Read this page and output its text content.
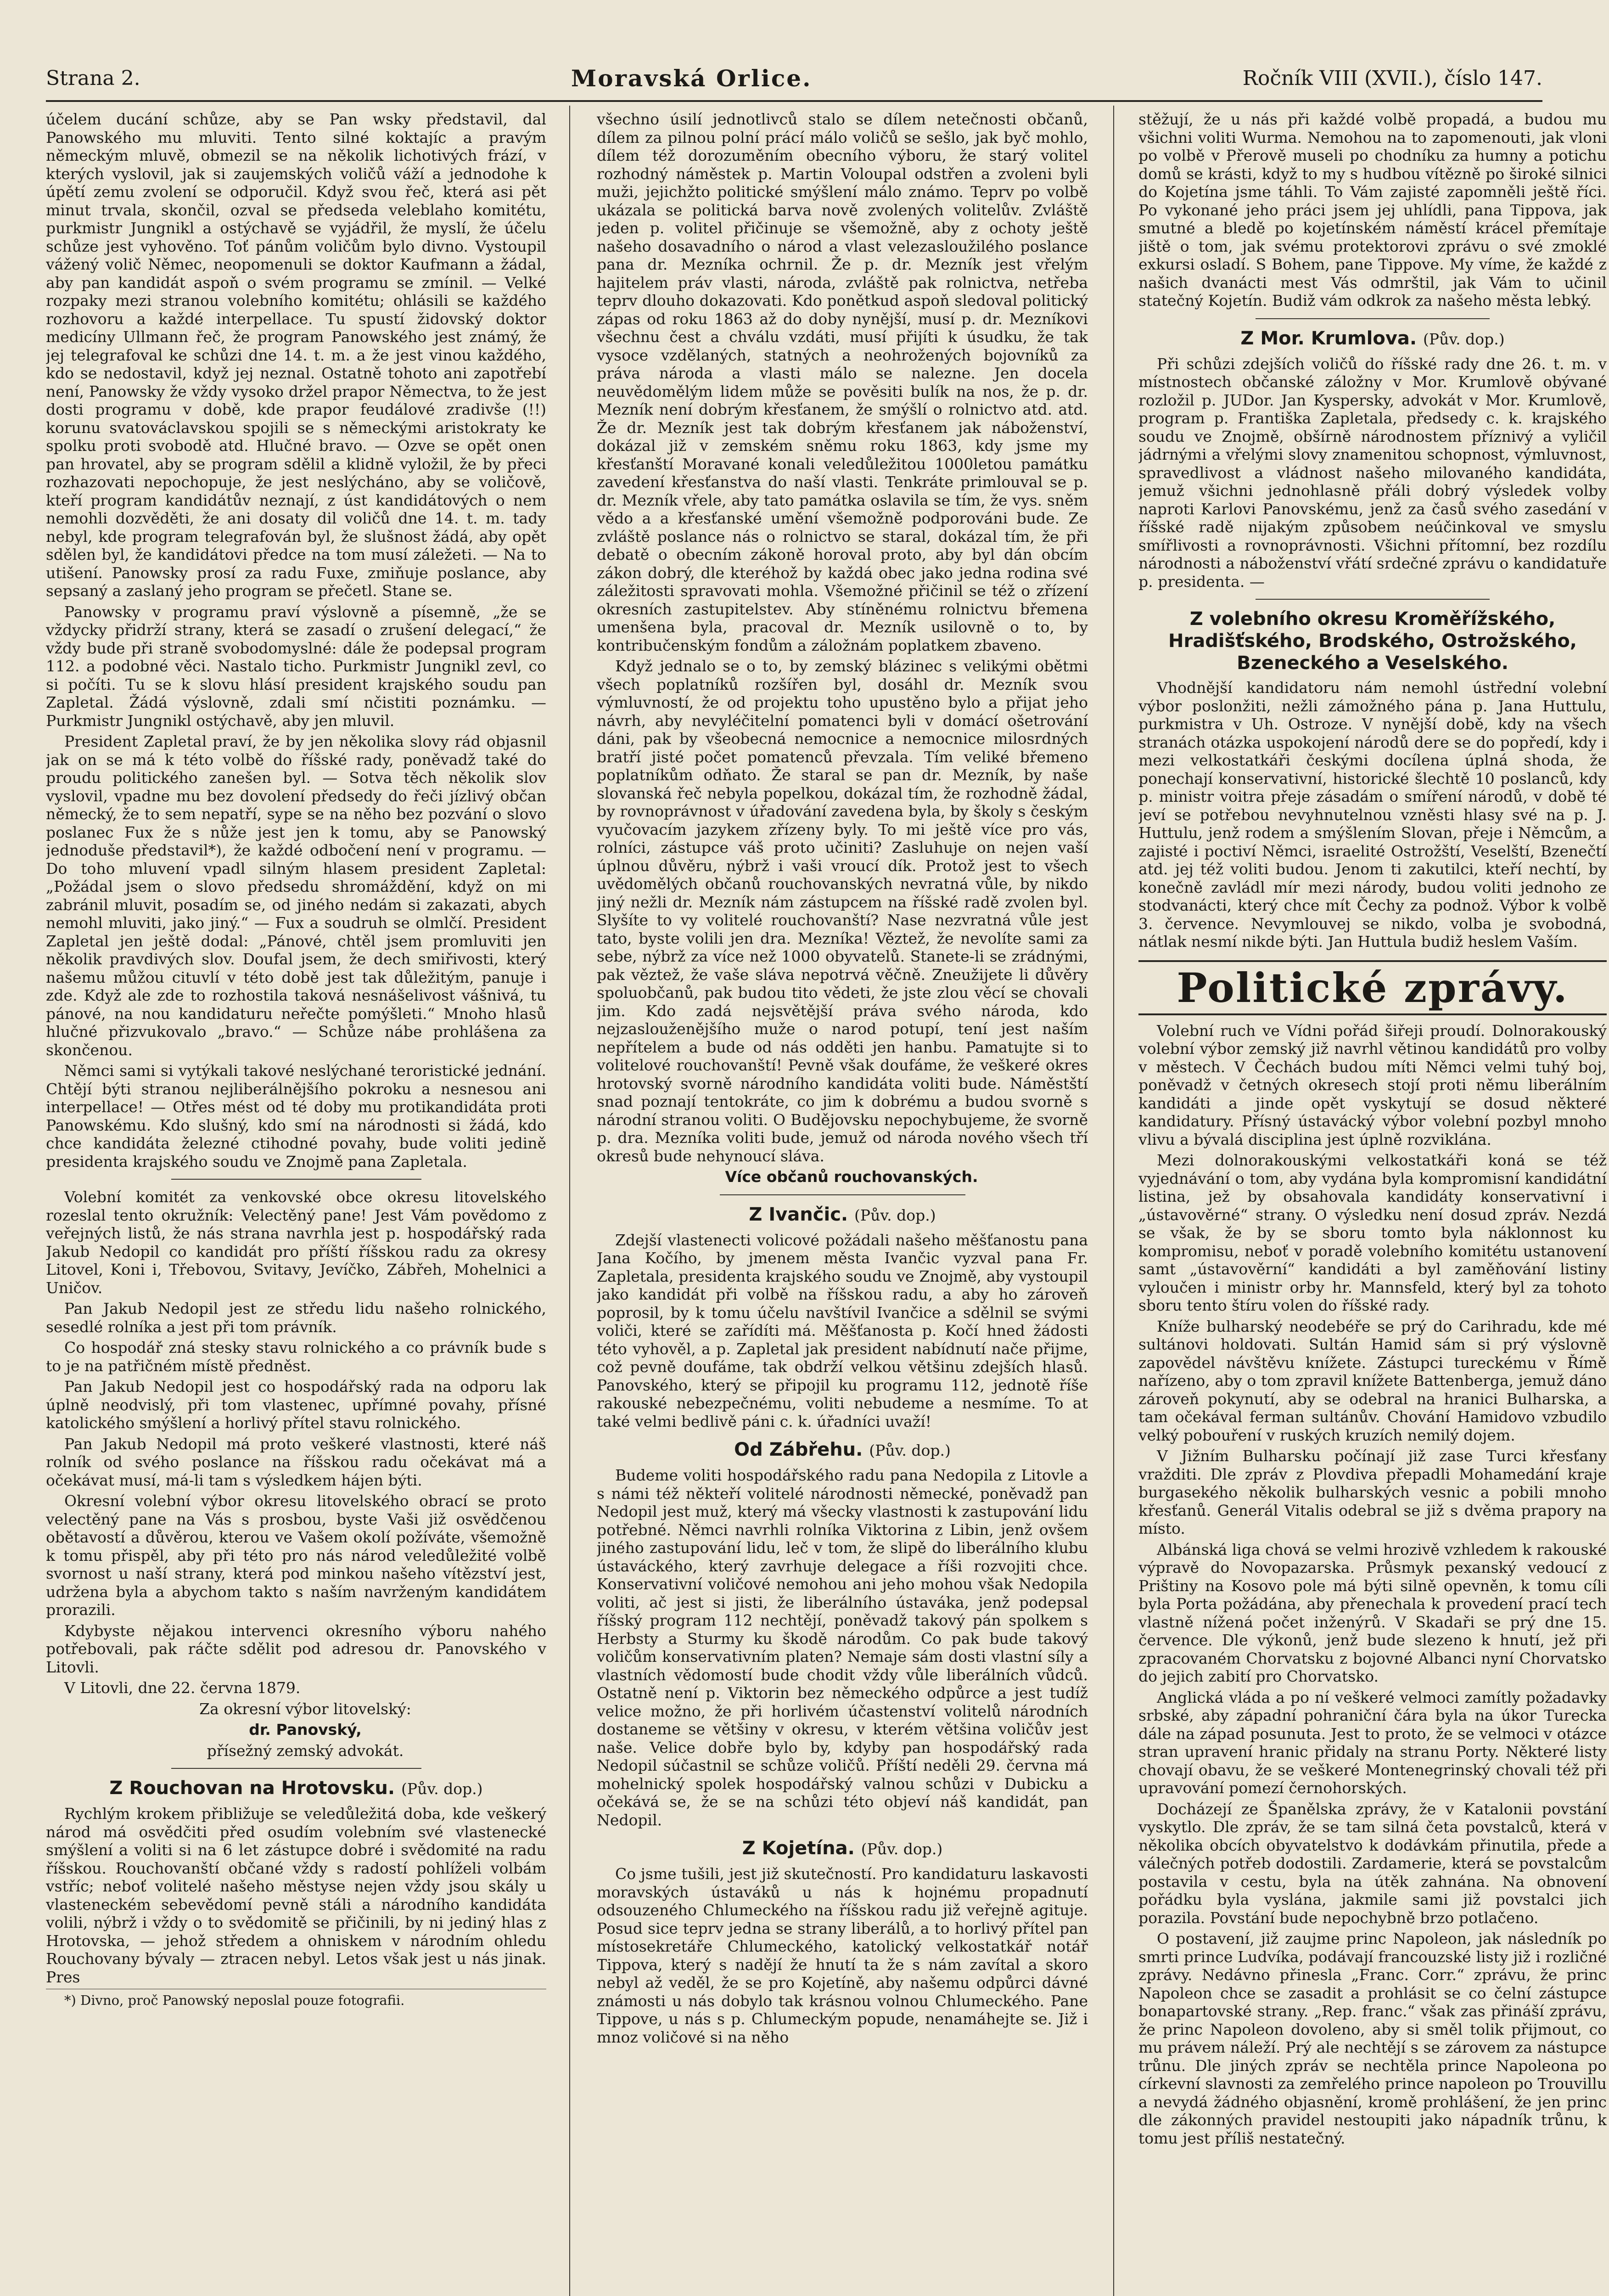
Strana 2.	Moravská Orlice.	Ročník VIII (XVII.), číslo 147.

účelem ducání schůze, aby se Pan wsky představil, dal Panowského mu mluviti. Tento silné koktajíc a pravým německým mluvě, obmezil se na několik lichotivých frází, v kterých vyslovil, jak si zaujemských voličů váží a jednodohe k úpětí zemu zvolení se odporučil. Když svou řeč, která asi pět minut trvala, skončil, ozval se předseda veleblaho komitétu, purkmistr Jungnikl a ostýchavě se vyjádřil, že myslí, že účelu schůze jest vyhověno. Toť pánům voličům bylo divno. Vystoupil vážený volič Němec, neopomenuli se doktor Kaufmann a žádal, aby pan kandidát aspoň o svém programu se zmínil. — Velké rozpaky mezi stranou volebního komitétu; ohlásili se každého rozhovoru a každé interpellace. Tu spustí židovský doktor medicíny Ullmann řeč, že program Panowského jest známý, že jej telegrafoval ke schůzi dne 14. t. m. a že jest vinou každého, kdo se nedostavil, když jej neznal. Ostatně tohoto ani zapotřebí není, Panowsky že vždy vysoko držel prapor Němectva, to že jest dosti programu v době, kde prapor feudálové zradivše (!!) korunu svatováclavskou spojili se s německými aristokraty ke spolku proti svobodě atd. Hlučné bravo. — Ozve se opět onen pan hrovatel, aby se program sdělil a klidně vyložil, že by přeci rozhazovati nepochopuje, že jest neslýcháno, aby se voličově, kteří program kandidátův neznají, z úst kandidátových o nem nemohli dozvěděti, že ani dosaty dil voličů dne 14. t. m. tady nebyl, kde program telegrafován byl, že slušnost žádá, aby opět sdělen byl, že kandidátovi předce na tom musí záležeti. — Na to utišení. Panowsky prosí za radu Fuxe, zmiňuje poslance, aby sepsaný a zaslaný jeho program se přečetl. Stane se.

Panowsky v programu praví výslovně a písemně, „že se vždycky přidrží strany, která se zasadí o zrušení delegací,“ že vždy bude při straně svobodomyslné: dále že podepsal program 112. a podobné věci. Nastalo ticho. Purkmistr Jungnikl zevl, co si počíti. Tu se k slovu hlásí president krajského soudu pan Zapletal. Žádá výslovně, zdali smí nčistiti poznámku. — Purkmistr Jungnikl ostýchavě, aby jen mluvil.

President Zapletal praví, že by jen několika slovy rád objasnil jak on se má k této volbě do říšské rady, poněvadž také do proudu politického zanešen byl. — Sotva těch několik slov vyslovil, vpadne mu bez dovolení předsedy do řeči jízlivý občan německý, že to sem nepatří, sype se na něho bez pozvání o slovo poslanec Fux že s nůže jest jen k tomu, aby se Panowský jednoduše představil*), že každé odbočení není v programu. — Do toho mluvení vpadl silným hlasem president Zapletal: „Požádal jsem o slovo předsedu shromáždění, když on mi zabránil mluvit, posadím se, od jiného nedám si zakazati, abych nemohl mluviti, jako jiný.“ — Fux a soudruh se olmlčí. President Zapletal jen ještě dodal: „Pánové, chtěl jsem promluviti jen několik pravdivých slov. Doufal jsem, že dech smiřivosti, který našemu můžou cituvlí v této době jest tak důležitým, panuje i zde. Když ale zde to rozhostila taková nesnášelivost vášnivá, tu pánové, na nou kandidaturu neřečte pomýšleti.“ Mnoho hlasů hlučné přizvukovalo „bravo.“ — Schůze nábe prohlášena za skončenou.

Němci sami si vytýkali takové neslýchané teroristické jednání. Chtějí býti stranou nejliberálnějšího pokroku a nesnesou ani interpellace! — Otřes mést od té doby mu protikandidáta proti Panowskému. Kdo slušný, kdo smí na národnosti si žádá, kdo chce kandidáta železné ctihodné povahy, bude voliti jedině presidenta krajského soudu ve Znojmě pana Zapletala.

Volební komitét za venkovské obce okresu litovelského rozeslal tento okružník: Velectěný pane! Jest Vám povědomo z veřejných listů, že nás strana navrhla jest p. hospodářský rada Jakub Nedopil co kandidát pro příští říšskou radu za okresy Litovel, Koni i, Třebovou, Svitavy, Jevíčko, Zábřeh, Mohelnici a Uničov.

Pan Jakub Nedopil jest ze středu lidu našeho rolnického, sesedlé rolníka a jest při tom právník.

Co hospodář zná stesky stavu rolnického a co právník bude s to je na patřičném místě předněst.

Pan Jakub Nedopil jest co hospodářský rada na odporu lak úplně neodvislý, při tom vlastenec, upřímné povahy, přísné katolického smýšlení a horlivý přítel stavu rolnického.

Pan Jakub Nedopil má proto veškeré vlastnosti, které náš rolník od svého poslance na říšskou radu očekávat má a očekávat musí, má-li tam s výsledkem hájen býti.

Okresní volební výbor okresu litovelského obrací se proto velectěný pane na Vás s prosbou, byste Vaši již osvědčenou obětavostí a důvěrou, kterou ve Vašem okolí požíváte, všemožně k tomu přispěl, aby při této pro nás národ veledůležité volbě svornost u naší strany, která pod minkou našeho vítězství jest, udržena byla a abychom takto s naším navrženým kandidátem prorazili.

Kdybyste nějakou intervenci okresního výboru nahého potřebovali, pak ráčte sdělit pod adresou dr. Panovského v Litovli.

V Litovli, dne 22. června 1879.

Za okresní výbor litovelský:

dr. Panovský,

přísežný zemský advokát.

Z Rouchovan na Hrotovsku. (Pův. dop.)

Rychlým krokem přibližuje se veledůležitá doba, kde veškerý národ má osvědčiti před osudím volebním své vlastenecké smýšlení a voliti si na 6 let zástupce dobré i svědomité na radu říšskou. Rouchovanští občané vždy s radostí pohlíželi volbám vstříc; neboť volitelé našeho městyse nejen vždy jsou skály u vlasteneckém sebevědomí pevně stáli a národního kandidáta volili, nýbrž i vždy o to svědomitě se přičinili, by ni jediný hlas z Hrotovska, — jehož středem a ohniskem v národním ohledu Rouchovany bývaly — ztracen nebyl. Letos však jest u nás jinak. Pres

*) Divno, proč Panowský neposlal pouze fotografii.

všechno úsilí jednotlivců stalo se dílem netečnosti občanů, dílem za pilnou polní prácí málo voličů se sešlo, jak byč mohlo, dílem též dorozuměním obecního výboru, že starý volitel rozhodný náměstek p. Martin Voloupal odstřen a zvoleni byli muži, jejichžto politické smýšlení málo známo. Teprv po volbě ukázala se politická barva nově zvolených volitelův. Zvláště jeden p. volitel přičinuje se všemožně, aby z ochoty ještě našeho dosavadního o národ a vlast velezasloužilého poslance pana dr. Mezníka ochrnil. Že p. dr. Mezník jest vřelým hajitelem práv vlasti, národa, zvláště pak rolnictva, netřeba teprv dlouho dokazovati. Kdo ponětkud aspoň sledoval politický zápas od roku 1863 až do doby nynější, musí p. dr. Mezníkovi všechnu čest a chválu vzdáti, musí přijíti k úsudku, že tak vysoce vzdělaných, statných a neohrožených bojovníků za práva národa a vlasti málo se nalezne. Jen docela neuvědomělým lidem může se pověsiti bulík na nos, že p. dr. Mezník není dobrým křesťanem, že smýšlí o rolnictvo atd. atd. Že dr. Mezník jest tak dobrým křesťanem jak náboženství, dokázal již v zemském sněmu roku 1863, kdy jsme my křesťanští Moravané konali veledůležitou 1000letou památku zavedení křesťanstva do naší vlasti. Tenkráte primlouval se p. dr. Mezník vřele, aby tato památka oslavila se tím, že vys. sněm vědo a a křesťanské umění všemožně podporováni bude. Ze zvláště poslance nás o rolnictvo se staral, dokázal tím, že při debatě o obecním zákoně horoval proto, aby byl dán obcím zákon dobrý, dle kteréhož by každá obec jako jedna rodina své záležitosti spravovati mohla. Všemožné přičinil se též o zřízení okresních zastupitelstev. Aby stíněnému rolnictvu břemena umenšena byla, pracoval dr. Mezník usilovně o to, by kontribučenským fondům a záložnám poplatkem zbaveno.

Když jednalo se o to, by zemský blázinec s velikými obětmi všech poplatníků rozšířen byl, dosáhl dr. Mezník svou výmluvností, že od projektu toho upustěno bylo a přijat jeho návrh, aby nevyléčitelní pomatenci byli v domácí ošetrování dáni, pak by všeobecná nemocnice a nemocnice milosrdných bratří jisté počet pomatenců převzala. Tím veliké břemeno poplatníkům odňato. Že staral se pan dr. Mezník, by naše slovanská řeč nebyla popelkou, dokázal tím, že rozhodně žádal, by rovnoprávnost v úřadování zavedena byla, by školy s českým vyučovacím jazykem zřízeny byly. To mi ještě více pro vás, rolníci, zástupce váš proto učiniti? Zasluhuje on nejen vaší úplnou důvěru, nýbrž i vaši vroucí dík. Protož jest to všech uvědomělých občanů rouchovanských nevratná vůle, by nikdo jiný nežli dr. Mezník nám zástupcem na říšské radě zvolen byl. Slyšíte to vy volitelé rouchovanští? Nase nezvratná vůle jest tato, byste volili jen dra. Mezníka! Věztež, že nevolíte sami za sebe, nýbrž za více než 1000 obyvatelů. Stanete-li se zrádnými, pak věztež, že vaše sláva nepotrvá věčně. Zneužijete li důvěry spoluobčanů, pak budou tito vědeti, že jste zlou věcí se chovali jim. Kdo zadá nejsvětější práva svého národa, kdo nejzaslouženějšího muže o narod potupí, tení jest naším nepřítelem a bude od nás odděti jen hanbu. Pamatujte si to volitelové rouchovanští! Pevně však doufáme, že veškeré okres hrotovský svorně národního kandidáta voliti bude. Náměstští snad poznají tentokráte, co jim k dobrému a budou svorně s národní stranou voliti. O Budějovsku nepochybujeme, že svorně p. dra. Mezníka voliti bude, jemuž od národa nového všech tří okresů bude nehynoucí sláva.

Více občanů rouchovanských.

Z Ivančic. (Pův. dop.)

Zdejší vlastenecti volicové požádali našeho měšťanostu pana Jana Kočího, by jmenem města Ivančic vyzval pana Fr. Zapletala, presidenta krajského soudu ve Znojmě, aby vystoupil jako kandidát při volbě na říšskou radu, a aby ho zároveň poprosil, by k tomu účelu navštívil Ivančice a sdělnil se svými voliči, které se zařídíti má. Měšťanosta p. Kočí hned žádosti této vyhověl, a p. Zapletal jak president nabídnutí nače přijme, což pevně doufáme, tak obdrží velkou většinu zdejších hlasů. Panovského, který se připojil ku programu 112, jednotě říše rakouské nebezpečnému, voliti nebudeme a nesmíme. To at také velmi bedlivě páni c. k. úřadníci uvaží!

Od Zábřehu. (Pův. dop.)

Budeme voliti hospodářského radu pana Nedopila z Litovle a s námi též někteří volitelé národnosti německé, poněvadž pan Nedopil jest muž, který má všecky vlastnosti k zastupování lidu potřebné. Němci navrhli rolníka Viktorina z Libin, jenž ovšem jiného zastupování lidu, leč v tom, že slipě do liberálního klubu ústaváckého, který zavrhuje delegace a říši rozvojiti chce. Konservativní voličové nemohou ani jeho mohou však Nedopila voliti, ač jest si jisti, že liberálního ústaváka, jenž podepsal říšský program 112 nechtějí, poněvadž takový pán spolkem s Herbsty a Sturmy ku škodě národům. Co pak bude takový voličům konservativním platen? Nemaje sám dosti vlastní síly a vlastních vědomostí bude chodit vždy vůle liberálních vůdců. Ostatně není p. Viktorin bez německého odpůrce a jest tudíž velice možno, že při horlivém účastenství volitelů národních dostaneme se většiny v okresu, v kterém většina voličův jest naše. Velice dobře bylo by, kdyby pan hospodářský rada Nedopil súčastnil se schůze voličů. Příští neděli 29. června má mohelnický spolek hospodářský valnou schůzi v Dubicku a očekává se, že se na schůzi této objeví náš kandidát, pan Nedopil.

Z Kojetína. (Pův. dop.)

Co jsme tušili, jest již skutečností. Pro kandidaturu laskavosti moravských ústaváků u nás k hojnému propadnutí odsouzeného Chlumeckého na říšskou radu již veřejně agituje. Posud sice teprv jedna se strany liberálů, a to horlivý přítel pan místosekretáře Chlumeckého, katolický velkostatkář notář Tippova, který s nadějí že hnutí ta že s nám zavítal a skoro nebyl až veděl, že se pro Kojetíně, aby našemu odpůrci dávné známosti u nás dobylo tak krásnou volnou Chlumeckého. Pane Tippove, u nás s p. Chlumeckým popude, nenamáhejte se. Již i mnoz voličové si na něho

stěžují, že u nás při každé volbě propadá, a budou mu všichni voliti Wurma. Nemohou na to zapomenouti, jak vloni po volbě v Přerově museli po chodníku za humny a potichu domů se krásti, když to my s hudbou vítězně po široké silnici do Kojetína jsme táhli. To Vám zajisté zapomněli ještě říci. Po vykonané jeho práci jsem jej uhlídli, pana Tippova, jak smutné a bledě po kojetínském náměstí krácel přemítaje jiště o tom, jak svému protektorovi zprávu o své zmoklé exkursi osladí. S Bohem, pane Tippove. My víme, že každé z našich dvanácti mest Vás odmrštil, jak Vám to učinil statečný Kojetín. Budiž vám odkrok za našeho města lebký.

Z Mor. Krumlova. (Pův. dop.)

Při schůzi zdejších voličů do říšské rady dne 26. t. m. v místnostech občanské záložny v Mor. Krumlově obývané rozložil p. JUDor. Jan Kyspersky, advokát v Mor. Krumlově, program p. Františka Zapletala, předsedy c. k. krajského soudu ve Znojmě, obšírně národnostem příznivý a vyličil jádrnými a vřelými slovy znamenitou schopnost, výmluvnost, spravedlivost a vládnost našeho milovaného kandidáta, jemuž všichni jednohlasně přáli dobrý výsledek volby naproti Karlovi Panovskému, jenž za časů svého zasedání v říšské radě nijakým způsobem neúčinkoval ve smyslu smířlivosti a rovnoprávnosti. Všichni přítomní, bez rozdílu národnosti a náboženství vřátí srdečné zprávu o kandidatuře p. presidenta. —

Z volebního okresu Kroměřížského, Hradišťského, Brodského, Ostrožského, Bzeneckého a Veselského.

Vhodnější kandidatoru nám nemohl ústřední volební výbor poslonžiti, nežli zámožného pána p. Jana Huttulu, purkmistra v Uh. Ostroze. V nynější době, kdy na všech stranách otázka uspokojení národů dere se do popředí, kdy i mezi velkostatkáři českými docílena úplná shoda, že ponechají konservativní, historické šlechtě 10 poslanců, kdy p. ministr voitra přeje zásadám o smíření národů, v době té jeví se potřebou nevyhnutelnou vzněsti hlasy své na p. J. Huttulu, jenž rodem a smýšlením Slovan, přeje i Němcům, a zajisté i poctiví Němci, israelité Ostrožští, Veselští, Bzenečtí atd. jej též voliti budou. Jenom ti zakutilci, kteří nechtí, by konečně zavládl mír mezi národy, budou voliti jednoho ze stodvanácti, který chce mít Čechy za podnož. Výbor k volbě 3. července. Nevymlouvej se nikdo, volba je svobodná, nátlak nesmí nikde býti. Jan Huttula budiž heslem Vaším.

Politické zprávy.

Volební ruch ve Vídni pořád šiřeji proudí. Dolnorakouský volební výbor zemský již navrhl větinou kandidátů pro volby v městech. V Čechách budou míti Němci velmi tuhý boj, poněvadž v četných okresech stojí proti němu liberálním kandidáti a jinde opět vyskytují se dosud některé kandidatury. Přísný ústavácký výbor volební pozbyl mnoho vlivu a bývalá disciplina jest úplně rozviklána.

Mezi dolnorakouskými velkostatkáři koná se též vyjednávání o tom, aby vydána byla kompromisní kandidátní listina, jež by obsahovala kandidáty konservativní i „ústavověrné“ strany. O výsledku není dosud zpráv. Nezdá se však, že by se sboru tomto byla náklonnost ku kompromisu, neboť v poradě volebního komitétu ustanovení samt „ústavověrní“ kandidáti a byl zaměňování listiny vyloučen i ministr orby hr. Mannsfeld, který byl za tohoto sboru tento štíru volen do říšské rady.

Kníže bulharský neodebéře se prý do Carihradu, kde mé sultánovi holdovati. Sultán Hamid sám si prý výslovně zapovědel návštěvu knížete. Zástupci tureckému v Římě nařízeno, aby o tom zpravil knížete Battenberga, jemuž dáno zároveň pokynutí, aby se odebral na hranici Bulharska, a tam očekával ferman sultánův. Chování Hamidovo vzbudilo velký pobouření v ruských kruzích nemilý dojem.

V Jižním Bulharsku počínají již zase Turci křesťany vražditi. Dle zpráv z Plovdiva přepadli Mohamedání kraje burgasekého několik bulharských vesnic a pobili mnoho křesťanů. Generál Vitalis odebral se již s dvěma prapory na místo.

Albánská liga chová se velmi hrozivě vzhledem k rakouské výpravě do Novopazarska. Průsmyk pexanský vedoucí z Prištiny na Kosovo pole má býti silně opevněn, k tomu cíli byla Porta požádána, aby přenechala k provedení prací tech vlastně nížená počet inženýrů. V Skadaři se prý dne 15. července. Dle výkonů, jenž bude slezeno k hnutí, jež při zpracovaném Chorvatsku z bojovné Albanci nyní Chorvatsko do jejich zabití pro Chorvatsko.

Anglická vláda a po ní veškeré velmoci zamítly požadavky srbské, aby západní pohraniční čára byla na úkor Turecka dále na západ posunuta. Jest to proto, že se velmoci v otázce stran upravení hranic přidaly na stranu Porty. Některé listy chovají obavu, že se veškeré Montenegrinský chovali též při upravování pomezí černohorských.

Docházejí ze Španělska zprávy, že v Katalonii povstání vyskytlo. Dle zpráv, že se tam silná četa povstalců, která v několika obcích obyvatelstvo k dodávkám přinutila, přede a válečných potřeb dodostili. Zardamerie, která se povstalcům postavila v cestu, byla na útěk zahnána. Na obnovení pořádku byla vyslána, jakmile sami již povstalci jich porazila. Povstání bude nepochybně brzo potlačeno.

O postavení, již zaujme princ Napoleon, jak následník po smrti prince Ludvíka, podávají francouzské listy již i rozličné zprávy. Nedávno přinesla „Franc. Corr.“ zprávu, že princ Napoleon chce se zasadit a prohlásit se co čelní zástupce bonapartovské strany. „Rep. franc.“ však zas přináší zprávu, že princ Napoleon dovoleno, aby si směl tolik přijmout, co mu právem náleží. Prý ale nechtějí s se zárovem za nástupce trůnu. Dle jiných zpráv se nechtěla prince Napoleona po církevní slavnosti za zemřelého prince napoleon po Trouvillu a nevydá žádného objasnění, kromě prohlášení, že jen princ dle zákonných pravidel nestoupiti jako nápadník trůnu, k tomu jest příliš nestatečný.
